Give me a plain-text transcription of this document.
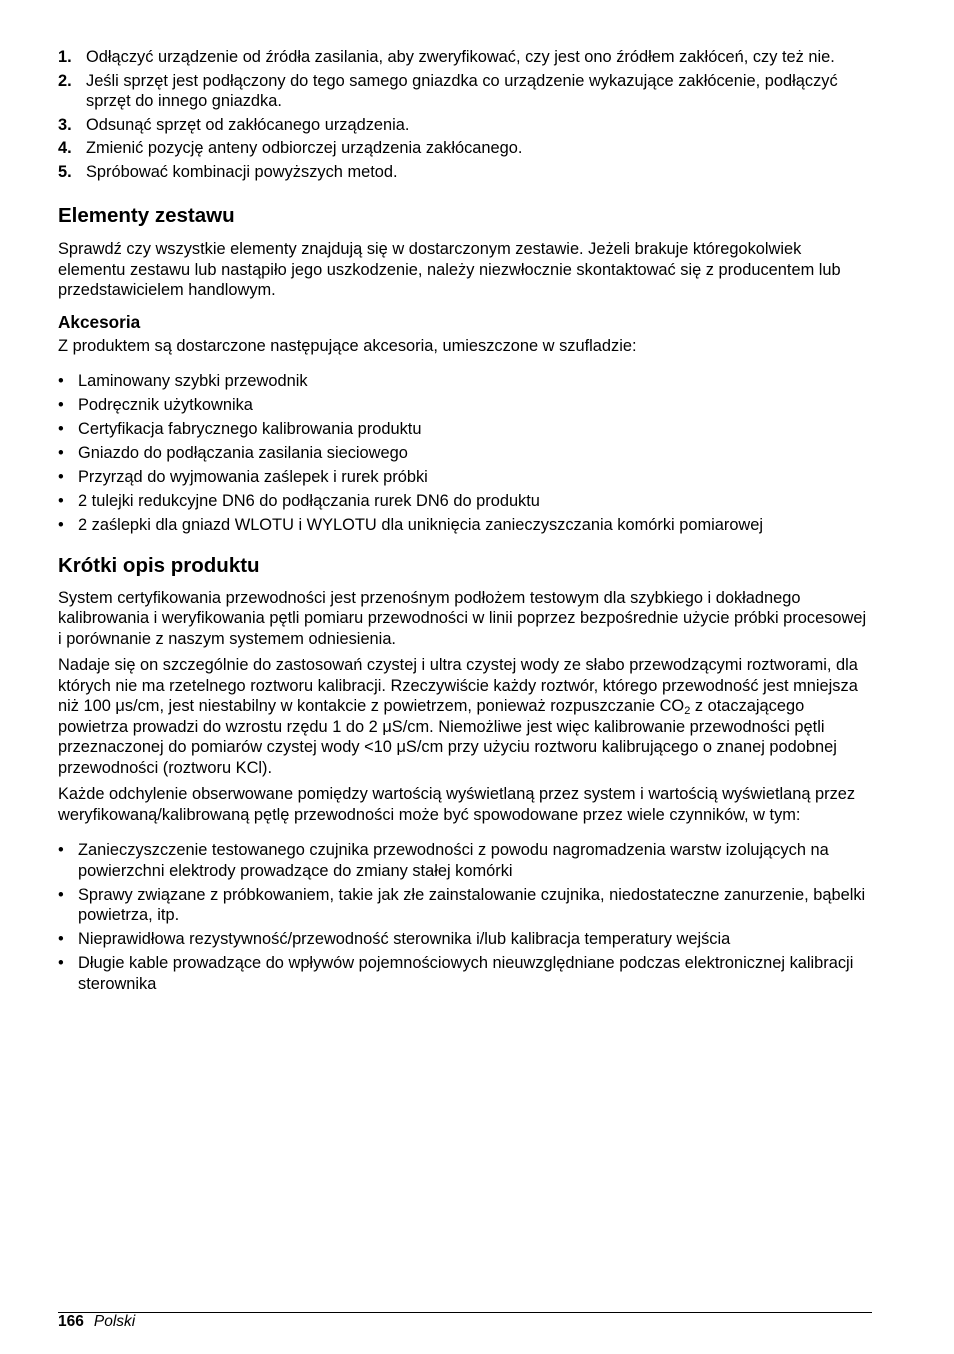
1. Odłączyć urządzenie od źródła zasilania, aby zweryfikować, czy jest ono źródłem zakłóceń, czy też nie.
2. Jeśli sprzęt jest podłączony do tego samego gniazdka co urządzenie wykazujące zakłócenie, podłączyć sprzęt do innego gniazdka.
3. Odsunąć sprzęt od zakłócanego urządzenia.
4. Zmienić pozycję anteny odbiorczej urządzenia zakłócanego.
5. Spróbować kombinacji powyższych metod.
Elementy zestawu

Sprawdź czy wszystkie elementy znajdują się w dostarczonym zestawie. Jeżeli brakuje któregokolwiek elementu zestawu lub nastąpiło jego uszkodzenie, należy niezwłocznie skontaktować się z producentem lub przedstawicielem handlowym.

Akcesoria

Z produktem są dostarczone następujące akcesoria, umieszczone w szufladzie:

• Laminowany szybki przewodnik
• Podręcznik użytkownika
• Certyfikacja fabrycznego kalibrowania produktu
• Gniazdo do podłączania zasilania sieciowego
• Przyrząd do wyjmowania zaślepek i rurek próbki
• 2 tulejki redukcyjne DN6 do podłączania rurek DN6 do produktu
• 2 zaślepki dla gniazd WLOTU i WYLOTU dla uniknięcia zanieczyszczania komórki pomiarowej
Krótki opis produktu

System certyfikowania przewodności jest przenośnym podłożem testowym dla szybkiego i dokładnego kalibrowania i weryfikowania pętli pomiaru przewodności w linii poprzez bezpośrednie użycie próbki procesowej i porównanie z naszym systemem odniesienia.

Nadaje się on szczególnie do zastosowań czystej i ultra czystej wody ze słabo przewodzącymi roztworami, dla których nie ma rzetelnego roztworu kalibracji. Rzeczywiście każdy roztwór, którego przewodność jest mniejsza niż 100 μs/cm, jest niestabilny w kontakcie z powietrzem, ponieważ rozpuszczanie $CO_2$ z otaczającego powietrza prowadzi do wzrostu rzędu 1 do 2 μS/cm. Niemożliwe jest więc kalibrowanie przewodności pętli przeznaczonej do pomiarów czystej wody <10 μS/cm przy użyciu roztworu kalibrującego o znanej podobnej przewodności (roztworu KCl).

Każde odchylenie obserwowane pomiędzy wartością wyświetlaną przez system i wartością wyświetlaną przez weryfikowaną/kalibrowaną pętlę przewodności może być spowodowane przez wiele czynników, w tym:

• Zanieczyszczenie testowanego czujnika przewodności z powodu nagromadzenia warstw izolujących na powierzchni elektrody prowadzące do zmiany stałej komórki
• Sprawy związane z próbkowaniem, takie jak złe zainstalowanie czujnika, niedostateczne zanurzenie, bąbelki powietrza, itp.
• Nieprawidłowa rezystywność/przewodność sterownika i/lub kalibracja temperatury wejścia
• Długie kable prowadzące do wpływów pojemnościowych nieuwzględniane podczas elektronicznej kalibracji sterownika
166 Polski
